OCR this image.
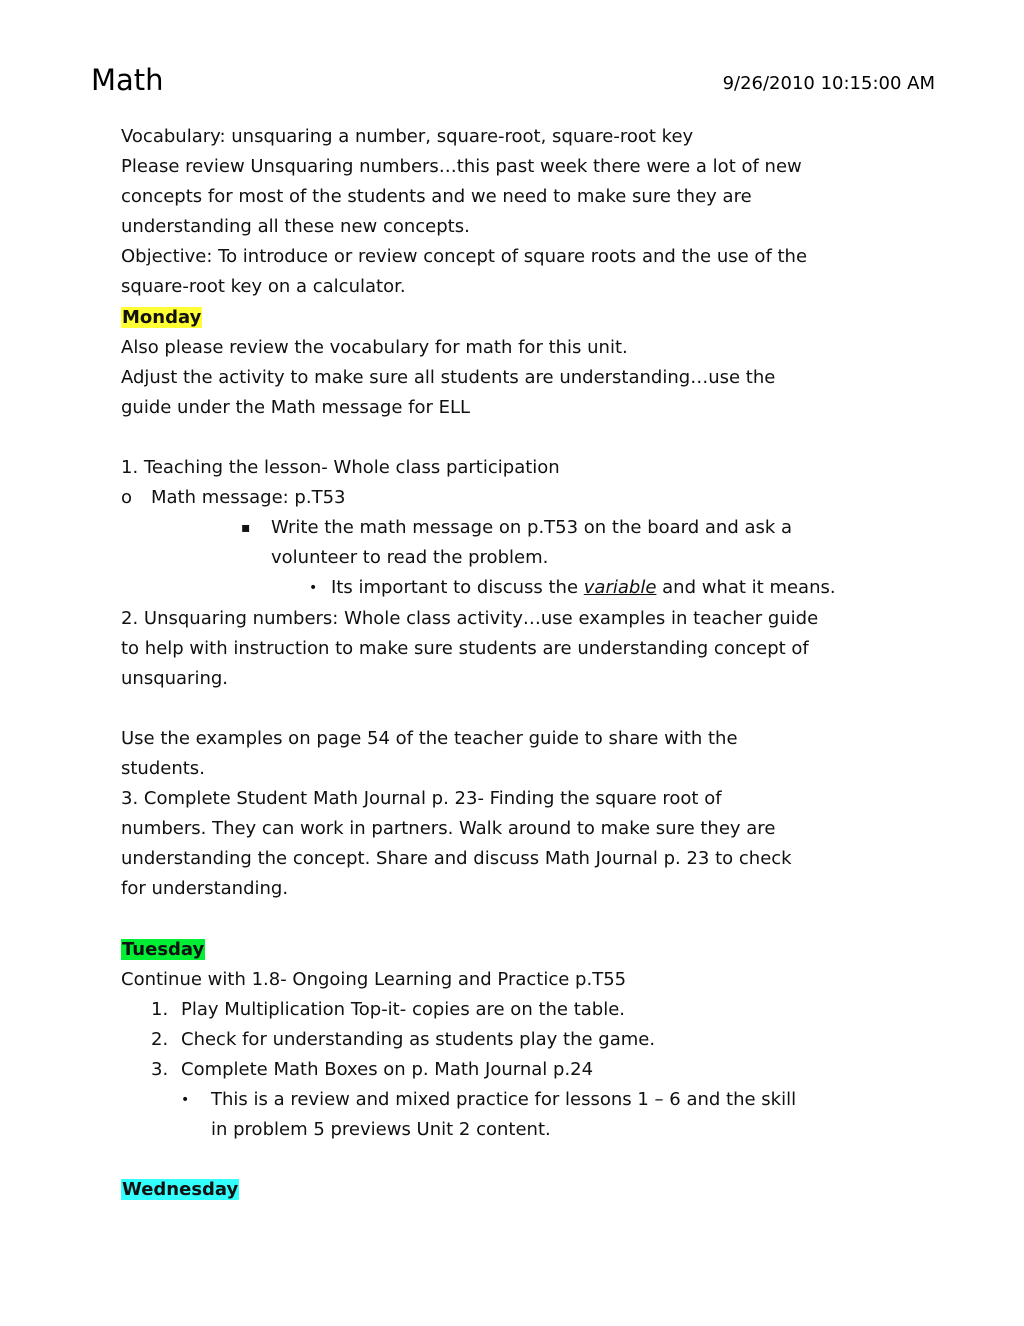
Math	9/26/2010 10:15:00 AM
Vocabulary: unsquaring a number, square-root, square-root key
Please review Unsquaring numbers…this past week there were a lot of new
concepts for most of the students and we need to make sure they are
understanding all these new concepts.
Objective: To introduce or review concept of square roots and the use of the
square-root key on a calculator.
Monday
Also please review the vocabulary for math for this unit.
Adjust the activity to make sure all students are understanding…use the
guide under the Math message for ELL
1. Teaching the lesson- Whole class participation
o Math message: p.T53
▪ Write the math message on p.T53 on the board and ask a
volunteer to read the problem.
• Its important to discuss the variable and what it means.
2. Unsquaring numbers: Whole class activity…use examples in teacher guide
to help with instruction to make sure students are understanding concept of
unsquaring.
Use the examples on page 54 of the teacher guide to share with the
students.
3. Complete Student Math Journal p. 23- Finding the square root of
numbers. They can work in partners. Walk around to make sure they are
understanding the concept. Share and discuss Math Journal p. 23 to check
for understanding.
Tuesday
Continue with 1.8- Ongoing Learning and Practice p.T55
1. Play Multiplication Top-it- copies are on the table.
2. Check for understanding as students play the game.
3. Complete Math Boxes on p. Math Journal p.24
• This is a review and mixed practice for lessons 1 – 6 and the skill
in problem 5 previews Unit 2 content.
Wednesday
